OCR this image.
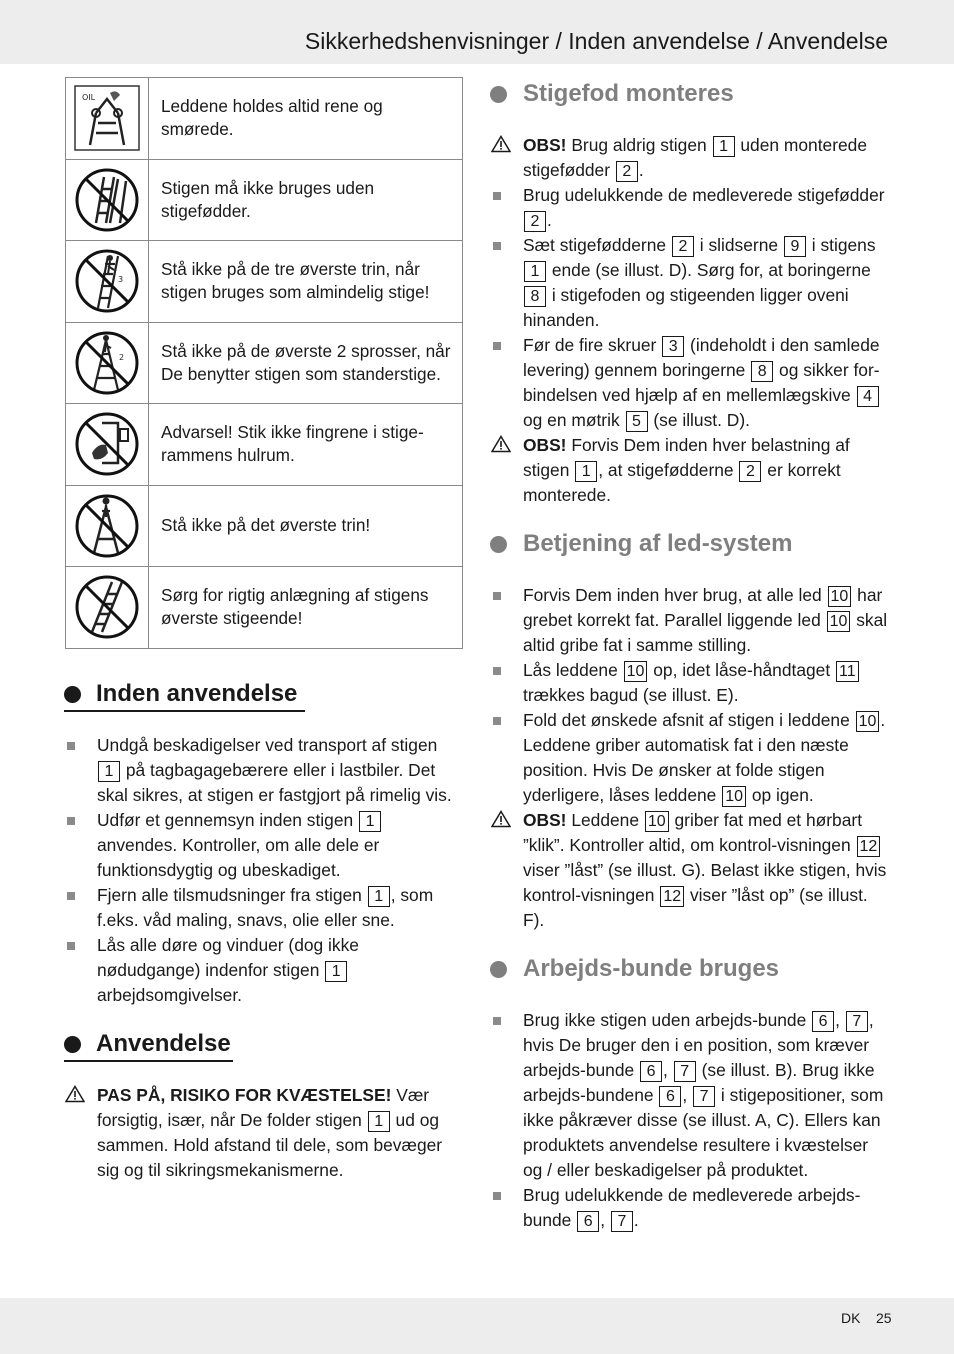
Sikkerhedshenvisninger / Inden anvendelse / Anvendelse
OIL	Leddene holdes altid rene og smørede.

	Stigen må ikke bruges uden stigefødder.

3	Stå ikke på de tre øverste trin, når stigen bruges som almindelig stige!

2	Stå ikke på de øverste 2 sprosser, når De benytter stigen som standerstige.

	Advarsel! Stik ikke fingrene i stigerammens hulrum.

	Stå ikke på det øverste trin!

	Sørg for rigtig anlægning af stigens øverste stigeende!
Inden anvendelse
Undgå beskadigelser ved transport af stigen 1 på tagbagagebærere eller i lastbiler. Det skal sikres, at stigen er fastgjort på rimelig vis.
Udfør et gennemsyn inden stigen 1 anvendes. Kontroller, om alle dele er funktionsdygtig og ubeskadiget.
Fjern alle tilsmudsninger fra stigen 1 , som f.eks. våd maling, snavs, olie eller sne.
Lås alle døre og vinduer (dog ikke nødudgange) indenfor stigen 1 arbejdsomgivelser.
Anvendelse
PAS PÅ, RISIKO FOR KVÆSTELSE! Vær forsigtig, især, når De folder stigen 1 ud og sammen. Hold afstand til dele, som bevæger sig og til sikringsmekanismerne.
Stigefod monteres
OBS! Brug aldrig stigen 1 uden monterede stigefødder 2 .
Brug udelukkende de medleverede stigefødder 2 .
Sæt stigefødderne 2 i slidserne 9 i stigens 1 ende (se illust. D). Sørg for, at boringerne 8 i stigefoden og stigeenden ligger oveni hinanden.
Før de fire skruer 3 (indeholdt i den samlede levering) gennem boringerne 8 og sikker forbindelsen ved hjælp af en mellemlægskive 4 og en møtrik 5 (se illust. D).
OBS! Forvis Dem inden hver belastning af stigen 1 , at stigefødderne 2 er korrekt monterede.
Betjening af led-system
Forvis Dem inden hver brug, at alle led 10 har grebet korrekt fat. Parallel liggende led 10 skal altid gribe fat i samme stilling.
Lås leddene 10 op, idet låse-håndtaget 11 trækkes bagud (se illust. E).
Fold det ønskede afsnit af stigen i leddene 10 . Leddene griber automatisk fat i den næste position. Hvis De ønsker at folde stigen yderligere, låses leddene 10 op igen.
OBS! Leddene 10 griber fat med et hørbart ”klik”. Kontroller altid, om kontrol-visningen 12 viser ”låst” (se illust. G). Belast ikke stigen, hvis kontrol-visningen 12 viser ”låst op” (se illust. F).
Arbejds-bunde bruges
Brug ikke stigen uden arbejds-bunde 6 , 7 , hvis De bruger den i en position, som kræver arbejds-bunde 6 , 7 (se illust. B). Brug ikke arbejds-bundene 6 , 7 i stigepositioner, som ikke påkræver disse (se illust. A, C). Ellers kan produktets anvendelse resultere i kvæstelser og / eller beskadigelser på produktet.
Brug udelukkende de medleverede arbejdsbunde 6 , 7 .
DK 25
